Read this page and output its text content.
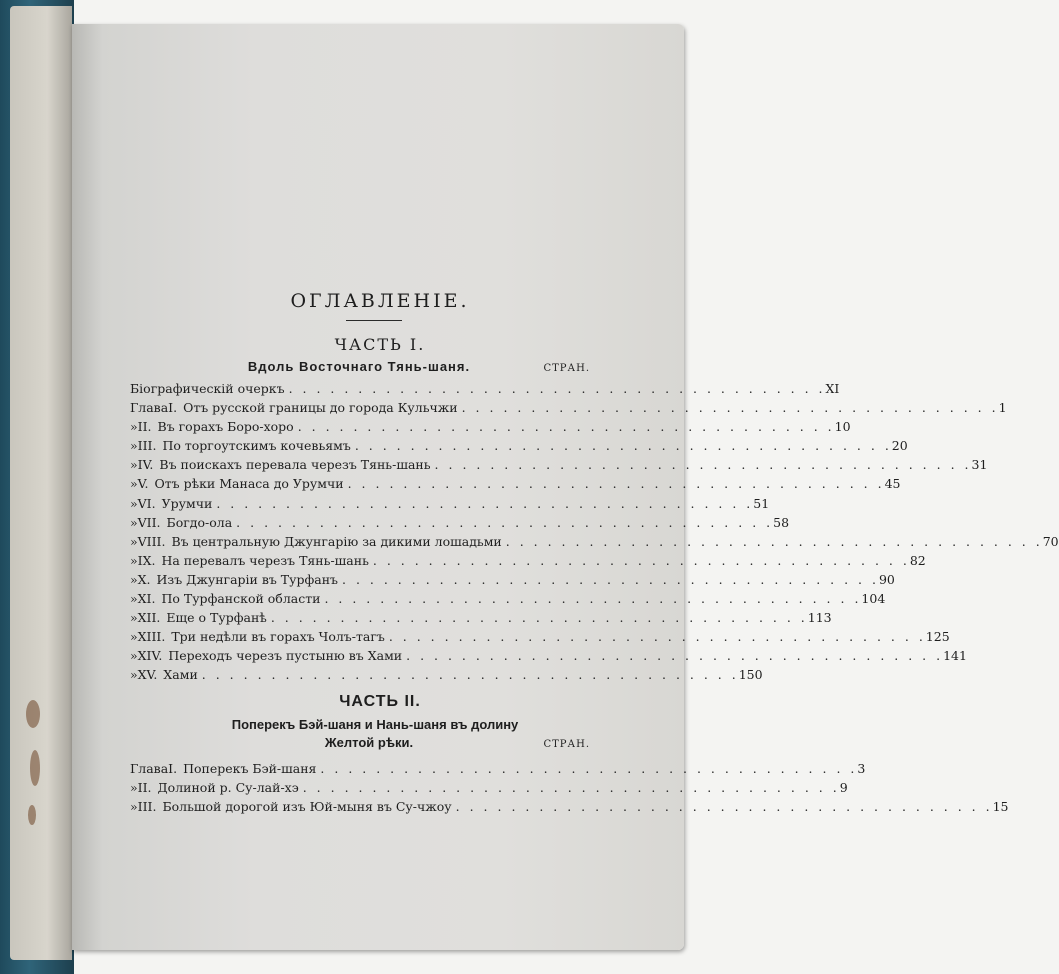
ОГЛАВЛЕНІЕ.
ЧАСТЬ I.
Вдоль Восточнаго Тянь-шаня.	СТРАН.
Біографическій очеркъ . . . . . . . . . . . . . . . . . . . . . . . . . . . . . . . . . . . . . . . XI
Глава I. Отъ русской границы до города Кульчжи . . . . . . . . . . . . . . . . . . . . . . . . . . . . . . . . . . . . . . . 1
» II. Въ горахъ Боро-хоро . . . . . . . . . . . . . . . . . . . . . . . . . . . . . . . . . . . . . . . 10
» III. По торгоутскимъ кочевьямъ . . . . . . . . . . . . . . . . . . . . . . . . . . . . . . . . . . . . . . . 20
» IV. Въ поискахъ перевала черезъ Тянь-шань . . . . . . . . . . . . . . . . . . . . . . . . . . . . . . . . . . . . . . . 31
» V. Отъ рѣки Манаса до Урумчи . . . . . . . . . . . . . . . . . . . . . . . . . . . . . . . . . . . . . . . 45
» VI. Урумчи . . . . . . . . . . . . . . . . . . . . . . . . . . . . . . . . . . . . . . . 51
» VII. Богдо-ола . . . . . . . . . . . . . . . . . . . . . . . . . . . . . . . . . . . . . . . 58
» VIII. Въ центральную Джунгарію за дикими лошадьми . . . . . . . . . . . . . . . . . . . . . . . . . . . . . . . . . . . . . . . 70
» IX. На перевалъ черезъ Тянь-шань . . . . . . . . . . . . . . . . . . . . . . . . . . . . . . . . . . . . . . . 82
» X. Изъ Джунгаріи въ Турфанъ . . . . . . . . . . . . . . . . . . . . . . . . . . . . . . . . . . . . . . . 90
» XI. По Турфанской области . . . . . . . . . . . . . . . . . . . . . . . . . . . . . . . . . . . . . . . 104
» XII. Еще о Турфанѣ . . . . . . . . . . . . . . . . . . . . . . . . . . . . . . . . . . . . . . . 113
» XIII. Три недѣли въ горахъ Чолъ-тагъ . . . . . . . . . . . . . . . . . . . . . . . . . . . . . . . . . . . . . . . 125
» XIV. Переходъ черезъ пустыню въ Хами . . . . . . . . . . . . . . . . . . . . . . . . . . . . . . . . . . . . . . . 141
» XV. Хами . . . . . . . . . . . . . . . . . . . . . . . . . . . . . . . . . . . . . . . 150
ЧАСТЬ II.
Поперекъ Бэй-шаня и Нань-шаня въ долину
Желтой рѣки.	СТРАН.
Глава I. Поперекъ Бэй-шаня . . . . . . . . . . . . . . . . . . . . . . . . . . . . . . . . . . . . . . . 3
» II. Долиной р. Су-лай-хэ . . . . . . . . . . . . . . . . . . . . . . . . . . . . . . . . . . . . . . . 9
» III. Большой дорогой изъ Юй-мыня въ Су-чжоу . . . . . . . . . . . . . . . . . . . . . . . . . . . . . . . . . . . . . . . 15
